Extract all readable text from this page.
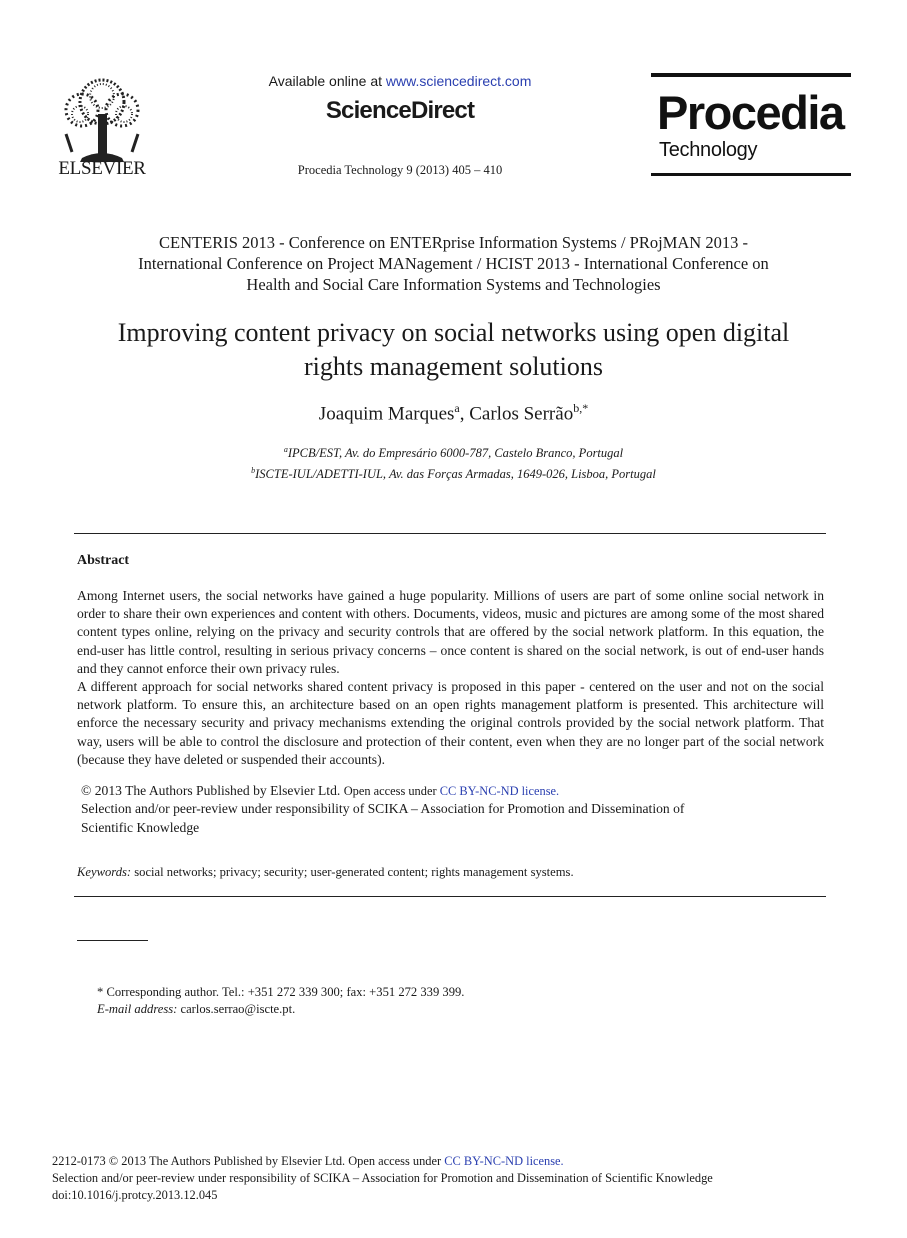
ELSEVIER
Available online at www.sciencedirect.com
ScienceDirect
Procedia Technology 9 (2013) 405 – 410
Procedia
Technology
CENTERIS 2013 - Conference on ENTERprise Information Systems / PRojMAN 2013 -
International Conference on Project MANagement / HCIST 2013 - International Conference on
Health and Social Care Information Systems and Technologies
Improving content privacy on social networks using open digital
rights management solutions
Joaquim Marques$^a$, Carlos Serrão$^{b,*}$
$^a$IPCB/EST, Av. do Empresário 6000-787, Castelo Branco, Portugal
$^b$ISCTE-IUL/ADETTI-IUL, Av. das Forças Armadas, 1649-026, Lisboa, Portugal
Abstract

Among Internet users, the social networks have gained a huge popularity. Millions of users are part of some online social network in order to share their own experiences and content with others. Documents, videos, music and pictures are among some of the most shared content types online, relying on the privacy and security controls that are offered by the social network platform. In this equation, the end-user has little control, resulting in serious privacy concerns – once content is shared on the social network, is out of end-user hands and they cannot enforce their own privacy rules.

A different approach for social networks shared content privacy is proposed in this paper - centered on the user and not on the social network platform. To ensure this, an architecture based on an open rights management platform is presented. This architecture will enforce the necessary security and privacy mechanisms extending the original controls provided by the social network platform. That way, users will be able to control the disclosure and protection of their content, even when they are no longer part of the social network (because they have deleted or suspended their accounts).

© 2013 The Authors Published by Elsevier Ltd. Open access under CC BY-NC-ND license.
Selection and/or peer-review under responsibility of SCIKA – Association for Promotion and Dissemination of
Scientific Knowledge
Keywords: social networks; privacy; security; user-generated content; rights management systems.
* Corresponding author. Tel.: +351 272 339 300; fax: +351 272 339 399.
E-mail address: carlos.serrao@iscte.pt.
2212-0173 © 2013 The Authors Published by Elsevier Ltd. Open access under CC BY-NC-ND license.
Selection and/or peer-review under responsibility of SCIKA – Association for Promotion and Dissemination of Scientific Knowledge
doi:10.1016/j.protcy.2013.12.045
